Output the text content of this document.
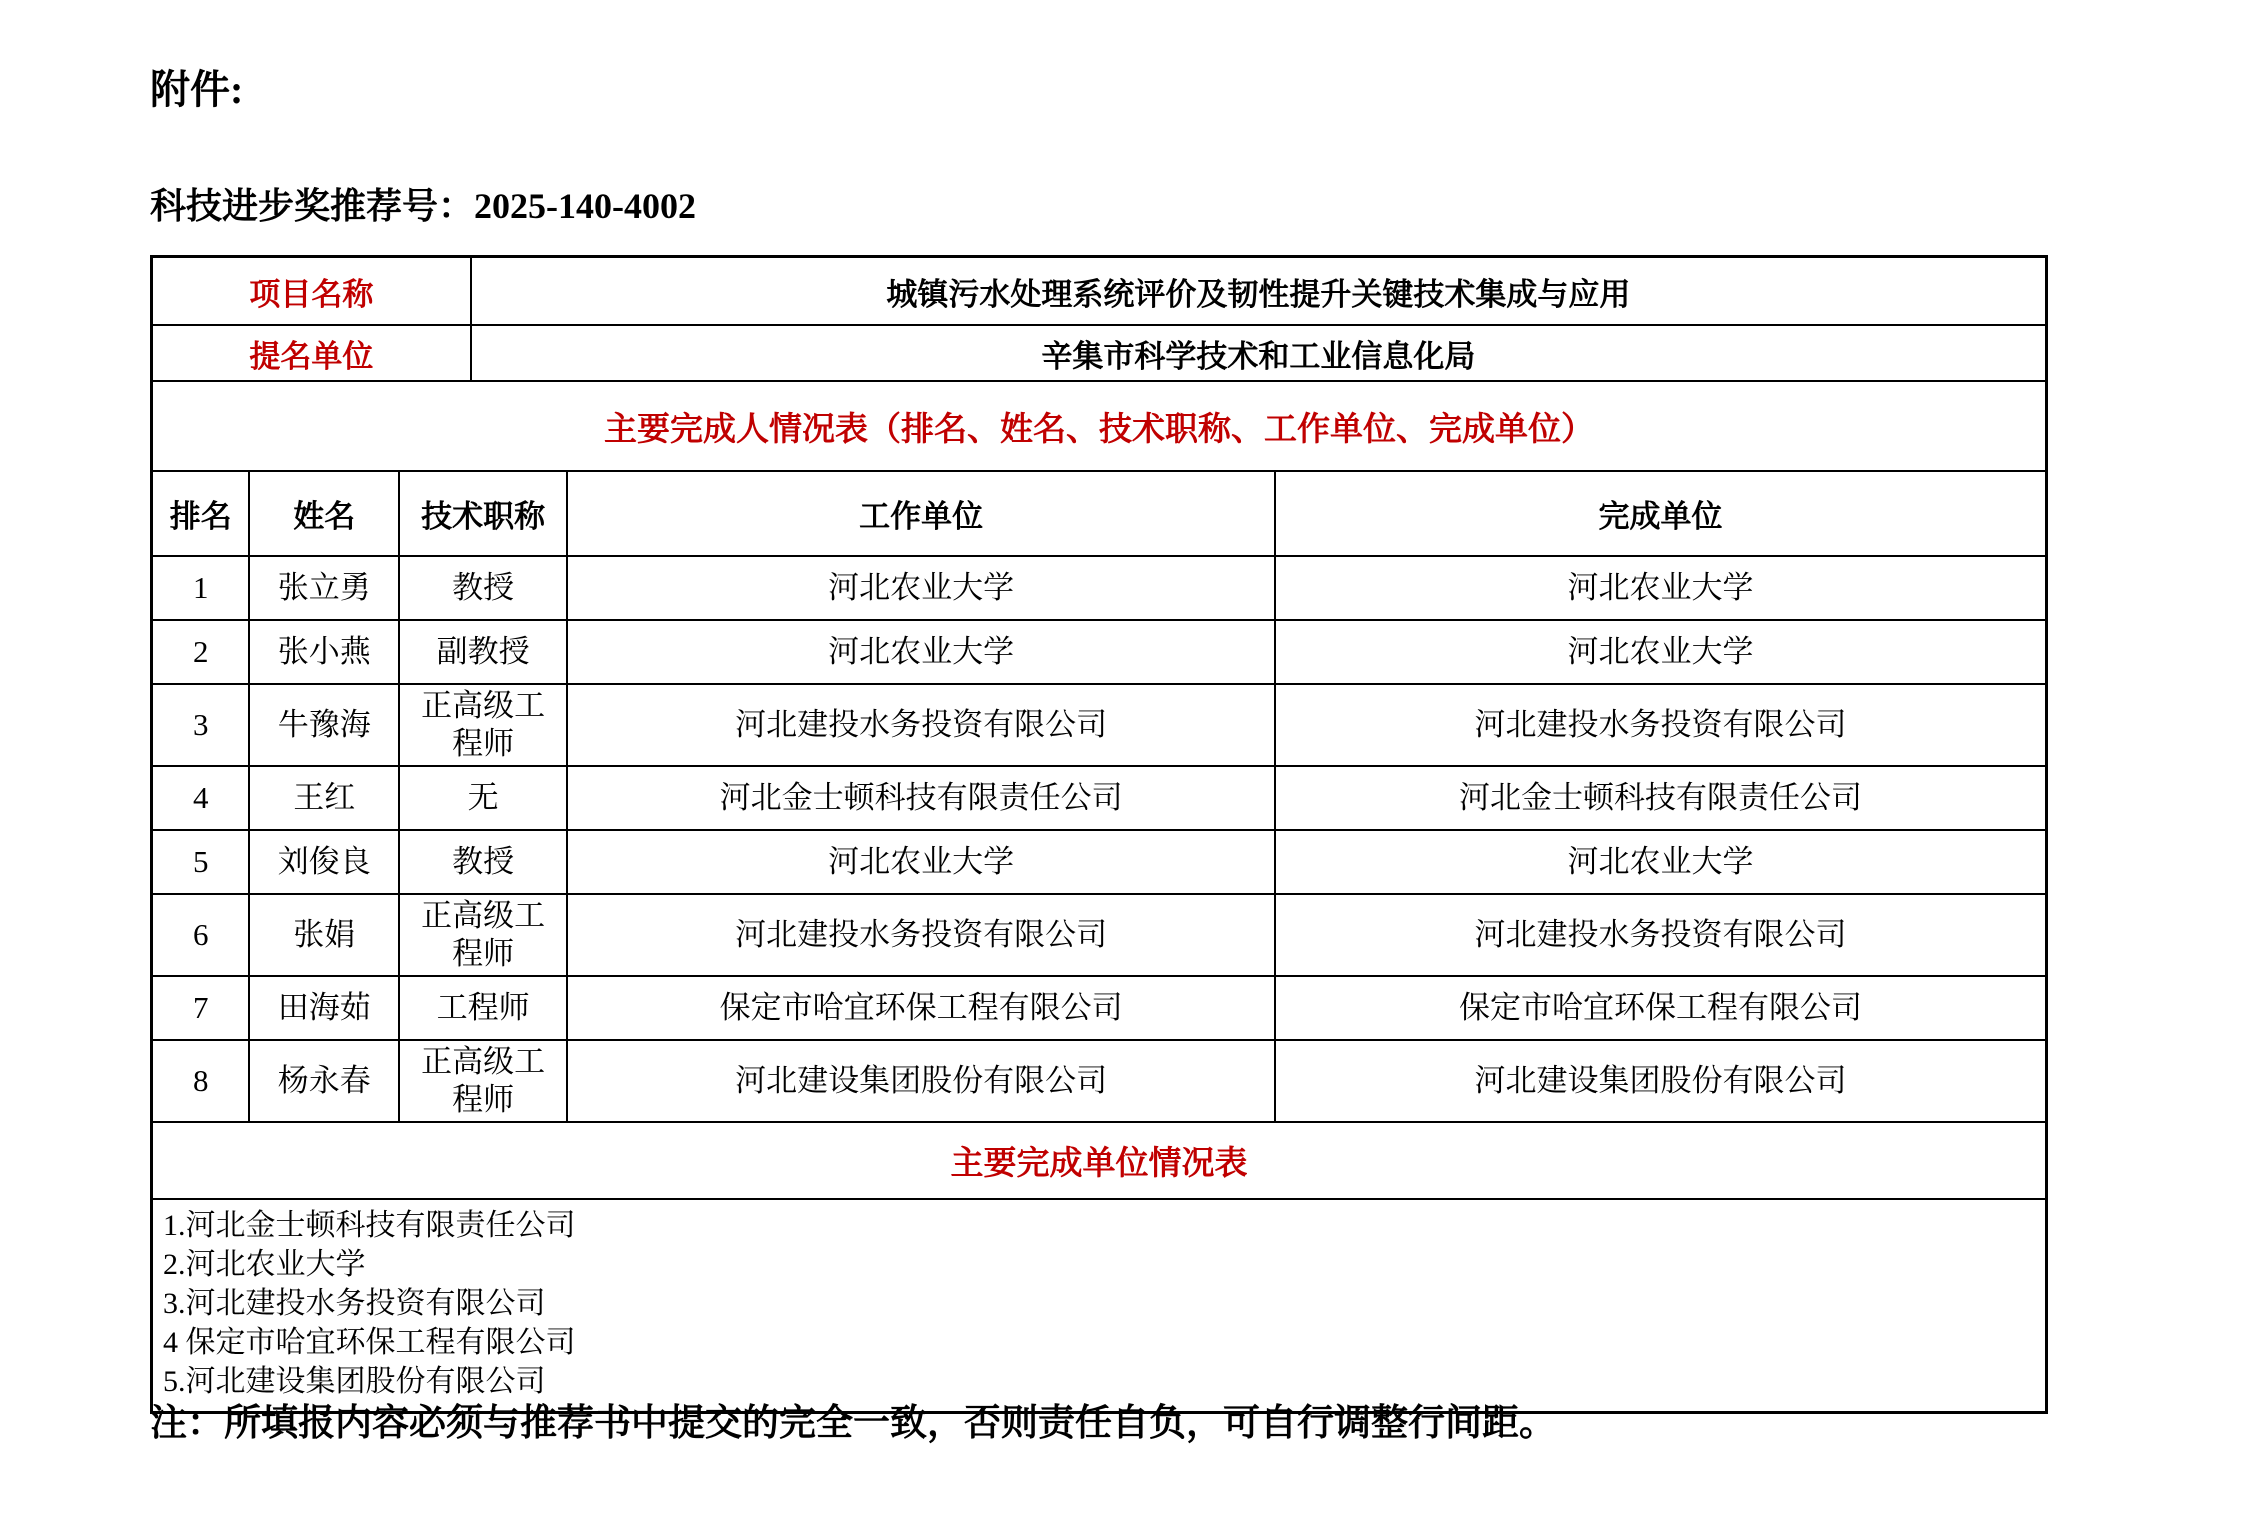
附件:

科技进步奖推荐号：2025-140-4002

项目名称	城镇污水处理系统评价及韧性提升关键技术集成与应用
提名单位	辛集市科学技术和工业信息化局
主要完成人情况表（排名、姓名、技术职称、工作单位、完成单位）
排名	姓名	技术职称	工作单位	完成单位
1	张立勇	教授	河北农业大学	河北农业大学
2	张小燕	副教授	河北农业大学	河北农业大学
3	牛豫海	正高级工程师	河北建投水务投资有限公司	河北建投水务投资有限公司
4	王红	无	河北金士顿科技有限责任公司	河北金士顿科技有限责任公司
5	刘俊良	教授	河北农业大学	河北农业大学
6	张娟	正高级工程师	河北建投水务投资有限公司	河北建投水务投资有限公司
7	田海茹	工程师	保定市哈宜环保工程有限公司	保定市哈宜环保工程有限公司
8	杨永春	正高级工程师	河北建设集团股份有限公司	河北建设集团股份有限公司
主要完成单位情况表
1.河北金士顿科技有限责任公司
2.河北农业大学
3.河北建投水务投资有限公司
4 保定市哈宜环保工程有限公司
5.河北建设集团股份有限公司

注：所填报内容必须与推荐书中提交的完全一致，否则责任自负，可自行调整行间距。
